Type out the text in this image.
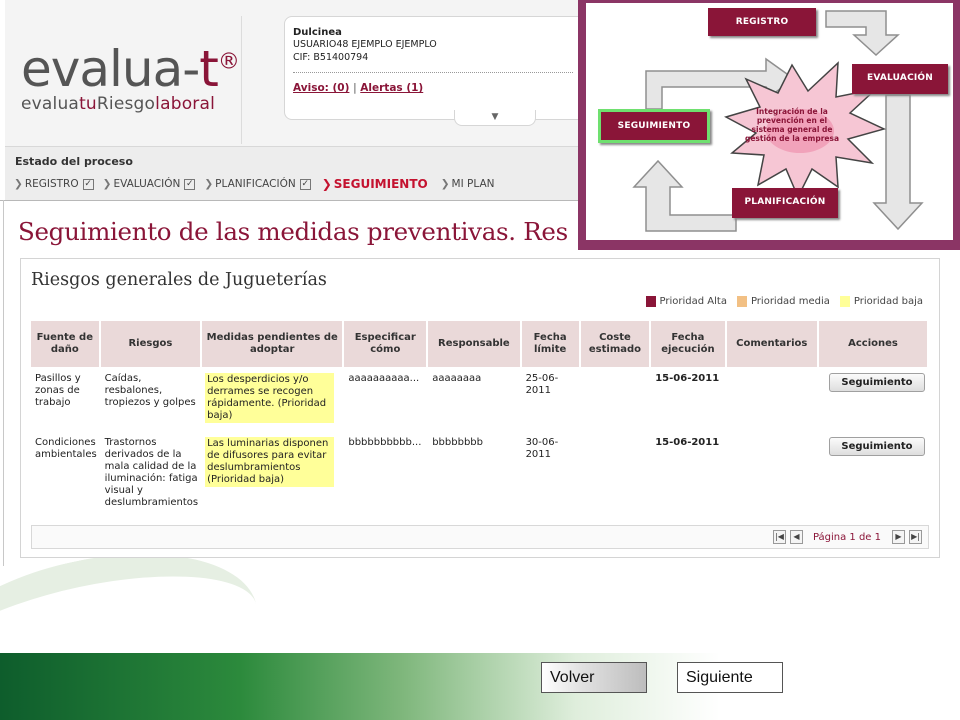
evalua-t®
evaluatuRiesgolaboral
Dulcinea
USUARIO48 EJEMPLO EJEMPLO
CIF: B51400794
Aviso: (0) | Alertas (1)
▼
Estado del proceso
❯ REGISTRO ✓ ❯ EVALUACIÓN ✓ ❯ PLANIFICACIÓN ✓ ❯ SEGUIMIENTO ❯ MI PLAN
Seguimiento de las medidas preventivas. Res
Riesgos generales de Jugueterías
Prioridad Alta Prioridad media Prioridad baja
Fuente de daño	Riesgos	Medidas pendientes de adoptar	Especificar cómo	Responsable	Fecha límite	Coste estimado	Fecha ejecución	Comentarios	Acciones
Pasillos y zonas de trabajo	Caídas, resbalones, tropiezos y golpes	Los desperdicios y/o derrames se recogen rápidamente. (Prioridad baja)	aaaaaaaaaa...	aaaaaaaa	25-06-2011		15-06-2011		Seguimiento
Condiciones ambientales	Trastornos derivados de la mala calidad de la iluminación: fatiga visual y deslumbramientos	Las luminarias disponen de difusores para evitar deslumbramientos (Prioridad baja)	bbbbbbbbbb...	bbbbbbbb	30-06-2011		15-06-2011		Seguimiento
|◀	◀	Página 1 de 1	▶	▶|
REGISTRO
EVALUACIÓN
SEGUIMIENTO
PLANIFICACIÓN
Integración de la prevención en el sistema general de gestión de la empresa
Volver	Siguiente
